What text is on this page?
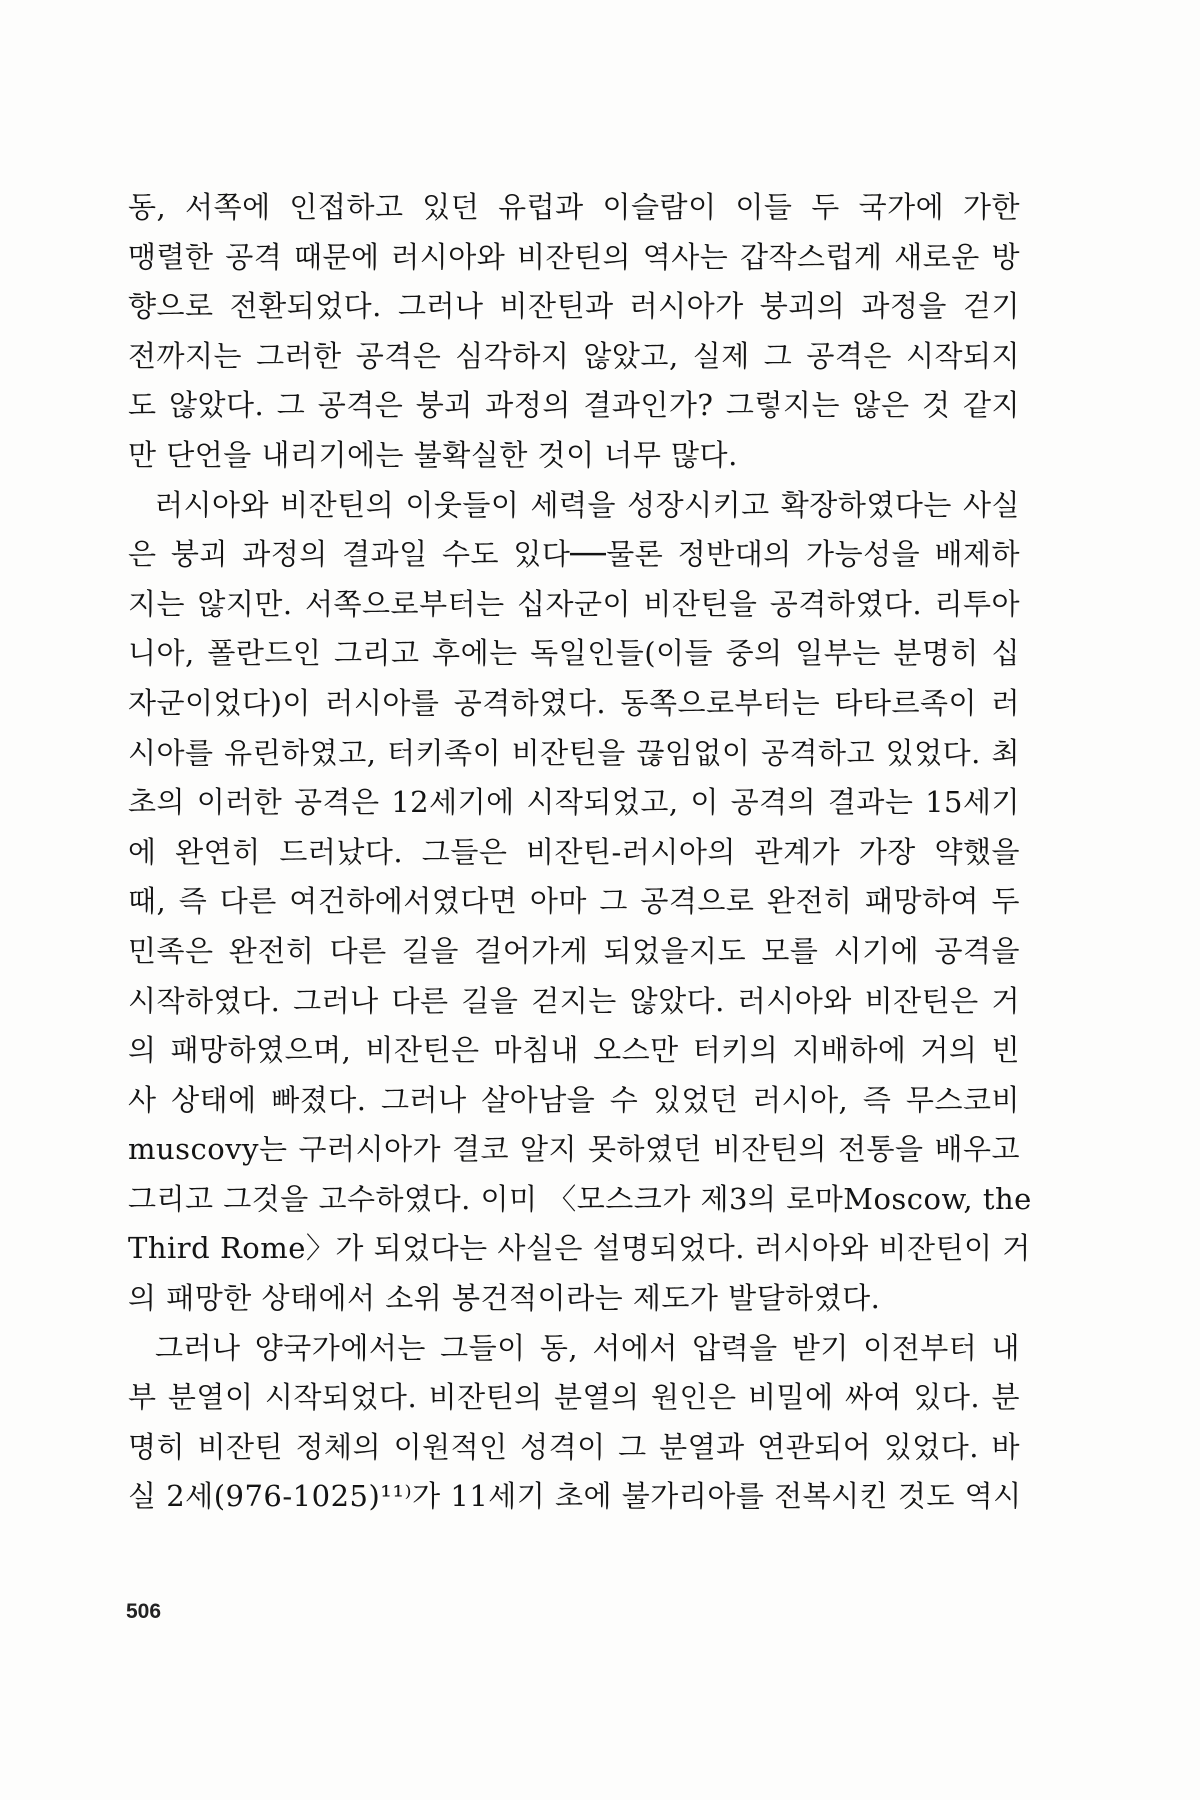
동, 서쪽에 인접하고 있던 유럽과 이슬람이 이들 두 국가에 가한
맹렬한 공격 때문에 러시아와 비잔틴의 역사는 갑작스럽게 새로운 방
향으로 전환되었다. 그러나 비잔틴과 러시아가 붕괴의 과정을 걷기
전까지는 그러한 공격은 심각하지 않았고, 실제 그 공격은 시작되지
도 않았다. 그 공격은 붕괴 과정의 결과인가? 그렇지는 않은 것 같지
만 단언을 내리기에는 불확실한 것이 너무 많다.
러시아와 비잔틴의 이웃들이 세력을 성장시키고 확장하였다는 사실
은 붕괴 과정의 결과일 수도 있다──물론 정반대의 가능성을 배제하
지는 않지만. 서쪽으로부터는 십자군이 비잔틴을 공격하였다. 리투아
니아, 폴란드인 그리고 후에는 독일인들(이들 중의 일부는 분명히 십
자군이었다)이 러시아를 공격하였다. 동쪽으로부터는 타타르족이 러
시아를 유린하였고, 터키족이 비잔틴을 끊임없이 공격하고 있었다. 최
초의 이러한 공격은 12세기에 시작되었고, 이 공격의 결과는 15세기
에 완연히 드러났다. 그들은 비잔틴-러시아의 관계가 가장 약했을
때, 즉 다른 여건하에서였다면 아마 그 공격으로 완전히 패망하여 두
민족은 완전히 다른 길을 걸어가게 되었을지도 모를 시기에 공격을
시작하였다. 그러나 다른 길을 걷지는 않았다. 러시아와 비잔틴은 거
의 패망하였으며, 비잔틴은 마침내 오스만 터키의 지배하에 거의 빈
사 상태에 빠졌다. 그러나 살아남을 수 있었던 러시아, 즉 무스코비
muscovy는 구러시아가 결코 알지 못하였던 비잔틴의 전통을 배우고
그리고 그것을 고수하였다. 이미 〈모스크가 제3의 로마Moscow, the
Third Rome〉가 되었다는 사실은 설명되었다. 러시아와 비잔틴이 거
의 패망한 상태에서 소위 봉건적이라는 제도가 발달하였다.
그러나 양국가에서는 그들이 동, 서에서 압력을 받기 이전부터 내
부 분열이 시작되었다. 비잔틴의 분열의 원인은 비밀에 싸여 있다. 분
명히 비잔틴 정체의 이원적인 성격이 그 분열과 연관되어 있었다. 바
실 2세(976-1025)¹¹⁾가 11세기 초에 불가리아를 전복시킨 것도 역시
506
